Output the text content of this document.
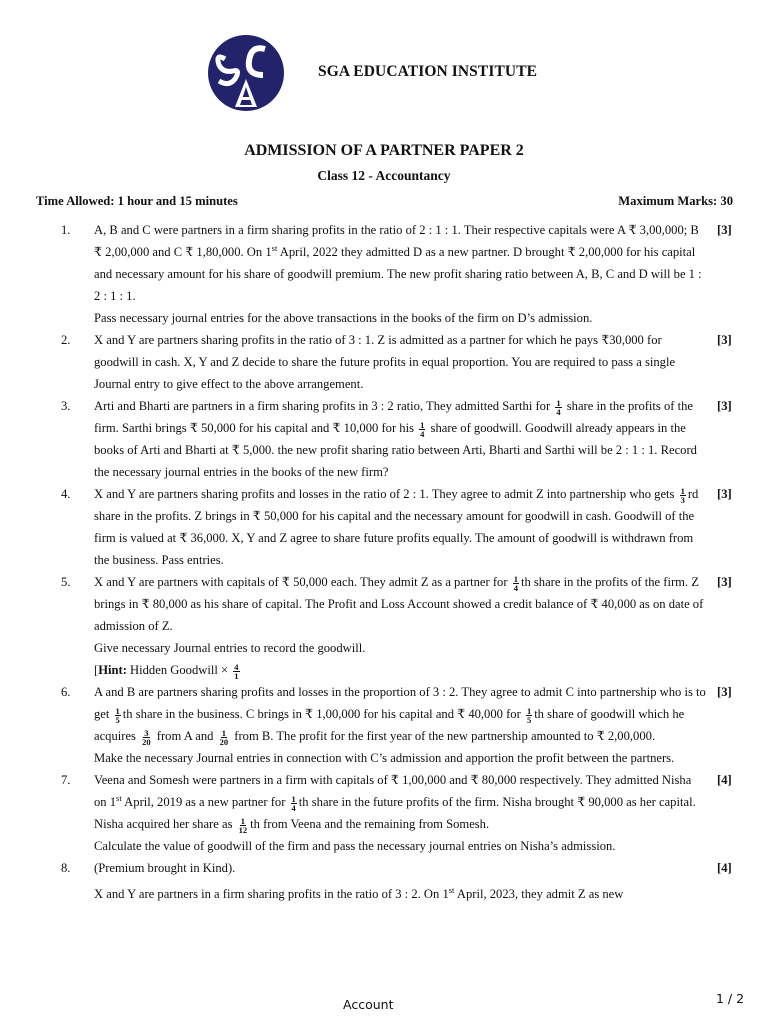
SGA EDUCATION INSTITUTE
ADMISSION OF A PARTNER PAPER 2
Class 12 - Accountancy
Time Allowed: 1 hour and 15 minutes	Maximum Marks: 30
1. A, B and C were partners in a firm sharing profits in the ratio of 2 : 1 : 1. Their respective capitals were A ₹ 3,00,000; B ₹ 2,00,000 and C ₹ 1,80,000. On 1st April, 2022 they admitted D as a new partner. D brought ₹ 2,00,000 for his capital and necessary amount for his share of goodwill premium. The new profit sharing ratio between A, B, C and D will be 1 : 2 : 1 : 1.
Pass necessary journal entries for the above transactions in the books of the firm on D’s admission.
[3]
2. X and Y are partners sharing profits in the ratio of 3 : 1. Z is admitted as a partner for which he pays ₹30,000 for goodwill in cash. X, Y and Z decide to share the future profits in equal proportion. You are required to pass a single Journal entry to give effect to the above arrangement.
[3]
3. Arti and Bharti are partners in a firm sharing profits in 3 : 2 ratio, They admitted Sarthi for $\frac{1}{4}$ share in the profits of the firm. Sarthi brings ₹ 50,000 for his capital and ₹ 10,000 for his $\frac{1}{4}$ share of goodwill. Goodwill already appears in the books of Arti and Bharti at ₹ 5,000. the new profit sharing ratio between Arti, Bharti and Sarthi will be 2 : 1 : 1. Record the necessary journal entries in the books of the new firm?
[3]
4. X and Y are partners sharing profits and losses in the ratio of 2 : 1. They agree to admit Z into partnership who gets $\frac{1}{3}$ rd share in the profits. Z brings in ₹ 50,000 for his capital and the necessary amount for goodwill in cash. Goodwill of the firm is valued at ₹ 36,000. X, Y and Z agree to share future profits equally. The amount of goodwill is withdrawn from the business. Pass entries.
[3]
5. X and Y are partners with capitals of ₹ 50,000 each. They admit Z as a partner for $\frac{1}{4}$ th share in the profits of the firm. Z brings in ₹ 80,000 as his share of capital. The Profit and Loss Account showed a credit balance of ₹ 40,000 as on date of admission of Z.
Give necessary Journal entries to record the goodwill.
[Hint: Hidden Goodwill × $\frac{4}{1}$
[3]
6. A and B are partners sharing profits and losses in the proportion of 3 : 2. They agree to admit C into partnership who is to get $\frac{1}{5}$ th share in the business. C brings in ₹ 1,00,000 for his capital and ₹ 40,000 for $\frac{1}{5}$ th share of goodwill which he acquires $\frac{3}{20}$ from A and $\frac{1}{20}$ from B. The profit for the first year of the new partnership amounted to ₹ 2,00,000.
Make the necessary Journal entries in connection with C’s admission and apportion the profit between the partners.
[3]
7. Veena and Somesh were partners in a firm with capitals of ₹ 1,00,000 and ₹ 80,000 respectively. They admitted Nisha on 1st April, 2019 as a new partner for $\frac{1}{4}$ th share in the future profits of the firm. Nisha brought ₹ 90,000 as her capital. Nisha acquired her share as $\frac{1}{12}$ th from Veena and the remaining from Somesh.
Calculate the value of goodwill of the firm and pass the necessary journal entries on Nisha’s admission.
[4]
8. (Premium brought in Kind).
X and Y are partners in a firm sharing profits in the ratio of 3 : 2. On 1st April, 2023, they admit Z as new
[4]
Account	1 / 2
